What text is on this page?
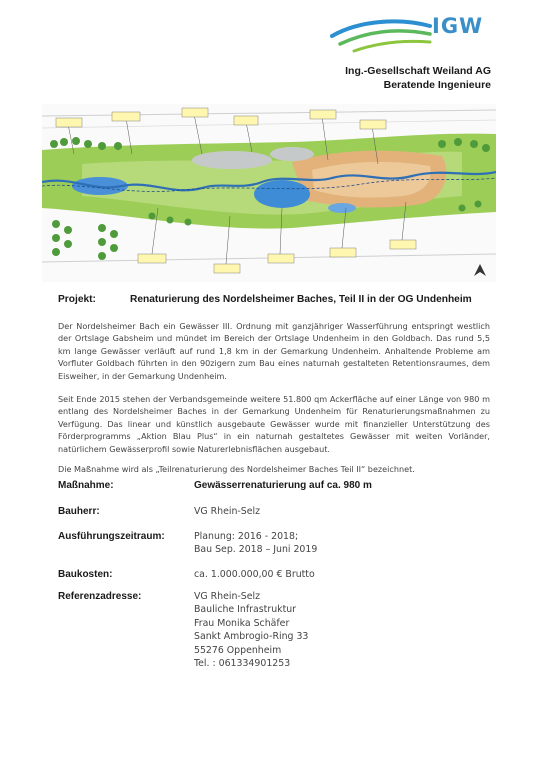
IGW
Ing.-Gesellschaft Weiland AG
Beratende Ingenieure
Projekt:	Renaturierung des Nordelsheimer Baches, Teil II in der OG Undenheim

Der Nordelsheimer Bach ein Gewässer III. Ordnung mit ganzjähriger Wasserführung entspringt westlich der Ortslage Gabsheim und mündet im Bereich der Ortslage Undenheim in den Goldbach. Das rund 5,5 km lange Gewässer verläuft auf rund 1,8 km in der Gemarkung Undenheim. Anhaltende Probleme am Vorfluter Goldbach führten in den 90zigern zum Bau eines naturnah gestalteten Retentionsraumes, dem Eisweiher, in der Gemarkung Undenheim.

Seit Ende 2015 stehen der Verbandsgemeinde weitere 51.800 qm Ackerfläche auf einer Länge von 980 m entlang des Nordelsheimer Baches in der Gemarkung Undenheim für Renaturierungsmaßnahmen zu Verfügung. Das linear und künstlich ausgebaute Gewässer wurde mit finanzieller Unterstützung des Förderprogramms „Aktion Blau Plus“ in ein naturnah gestaltetes Gewässer mit weiten Vorländer, natürlichem Gewässerprofil sowie Naturerlebnisflächen ausgebaut.

Die Maßnahme wird als „Teilrenaturierung des Nordelsheimer Baches Teil II“ bezeichnet.

Maßnahme:	Gewässerrenaturierung auf ca. 980 m
Bauherr:	VG Rhein-Selz
Ausführungszeitraum:	Planung: 2016 - 2018;
Bau Sep. 2018 – Juni 2019
Baukosten:	ca. 1.000.000,00 € Brutto
Referenzadresse:	VG Rhein-Selz
Bauliche Infrastruktur
Frau Monika Schäfer
Sankt Ambrogio-Ring 33
55276 Oppenheim
Tel. : 061334901253
